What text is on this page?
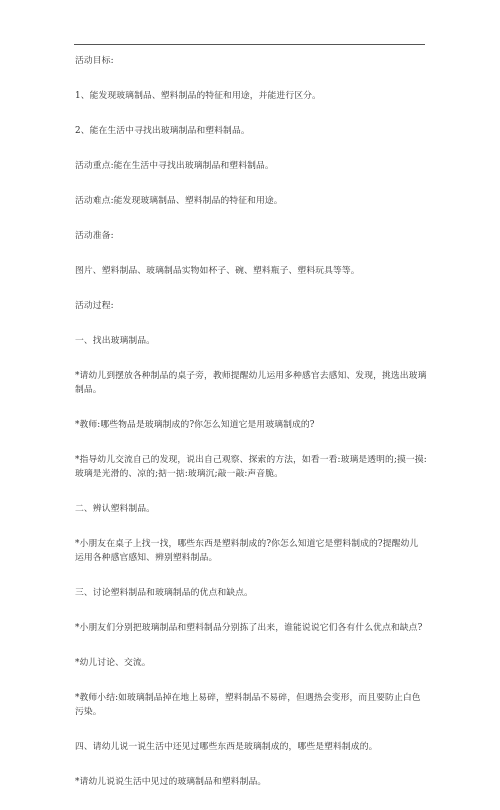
活动目标:

1、能发现玻璃制品、塑料制品的特征和用途，并能进行区分。

2、能在生活中寻找出玻璃制品和塑料制品。

活动重点:能在生活中寻找出玻璃制品和塑料制品。

活动难点:能发现玻璃制品、塑料制品的特征和用途。

活动准备:

图片、塑料制品、玻璃制品实物如杯子、碗、塑料瓶子、塑料玩具等等。

活动过程:

一、找出玻璃制品。

*请幼儿到摆放各种制品的桌子旁，教师提醒幼儿运用多种感官去感知、发现，挑选出玻璃制品。

*教师:哪些物品是玻璃制成的?你怎么知道它是用玻璃制成的?

*指导幼儿交流自己的发现，说出自己观察、探索的方法，如看一看:玻璃是透明的;摸一摸:玻璃是光滑的、凉的;掂一掂:玻璃沉;敲一敲:声音脆。

二、辨认塑料制品。

*小朋友在桌子上找一找，哪些东西是塑料制成的?你怎么知道它是塑料制成的?提醒幼儿运用各种感官感知、辨别塑料制品。

三、讨论塑料制品和玻璃制品的优点和缺点。

*小朋友们分别把玻璃制品和塑料制品分别拣了出来，谁能说说它们各有什么优点和缺点?

*幼儿讨论、交流。

*教师小结:如玻璃制品掉在地上易碎，塑料制品不易碎，但遇热会变形，而且要防止白色污染。

四、请幼儿说一说生活中还见过哪些东西是玻璃制成的，哪些是塑料制成的。

*请幼儿说说生活中见过的玻璃制品和塑料制品。
